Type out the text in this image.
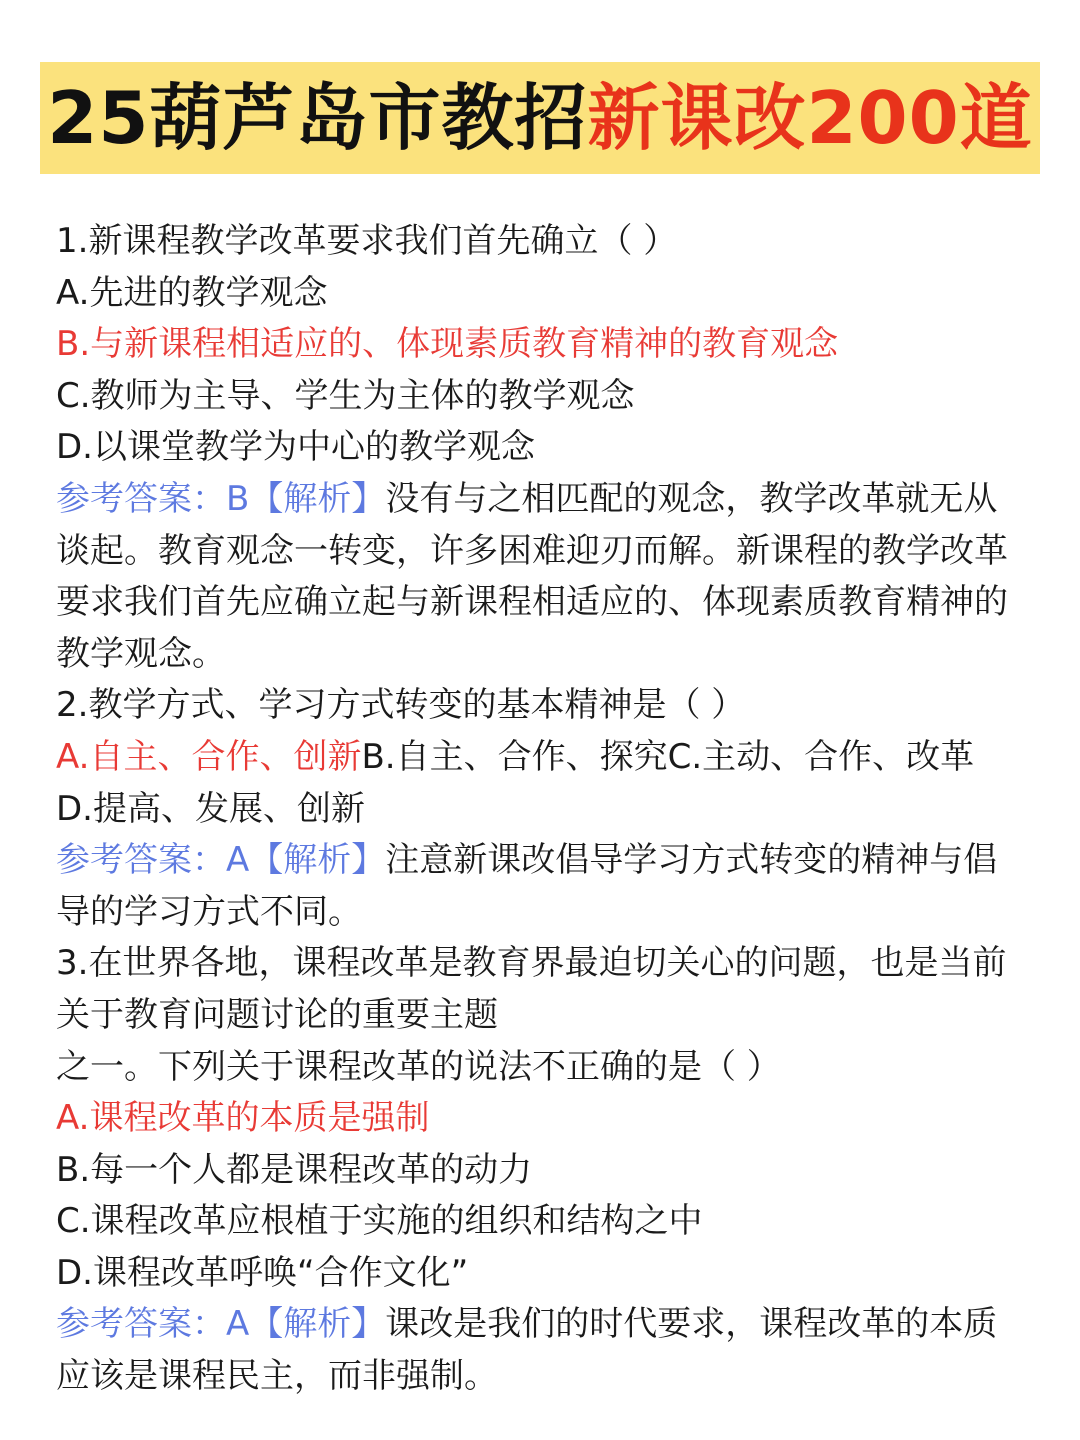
25葫芦岛市教招新课改200道
1.新课程教学改革要求我们首先确立（ ）
A.先进的教学观念
B.与新课程相适应的、体现素质教育精神的教育观念
C.教师为主导、学生为主体的教学观念
D.以课堂教学为中心的教学观念
参考答案：B【解析】没有与之相匹配的观念，教学改革就无从谈起。教育观念一转变，许多困难迎刃而解。新课程的教学改革要求我们首先应确立起与新课程相适应的、体现素质教育精神的教学观念。
2.教学方式、学习方式转变的基本精神是（ ）
A.自主、合作、创新B.自主、合作、探究C.主动、合作、改革
D.提高、发展、创新
参考答案：A【解析】注意新课改倡导学习方式转变的精神与倡导的学习方式不同。
3.在世界各地，课程改革是教育界最迫切关心的问题，也是当前关于教育问题讨论的重要主题
之一。下列关于课程改革的说法不正确的是（ ）
A.课程改革的本质是强制
B.每一个人都是课程改革的动力
C.课程改革应根植于实施的组织和结构之中
D.课程改革呼唤“合作文化”
参考答案：A【解析】课改是我们的时代要求，课程改革的本质应该是课程民主，而非强制。
